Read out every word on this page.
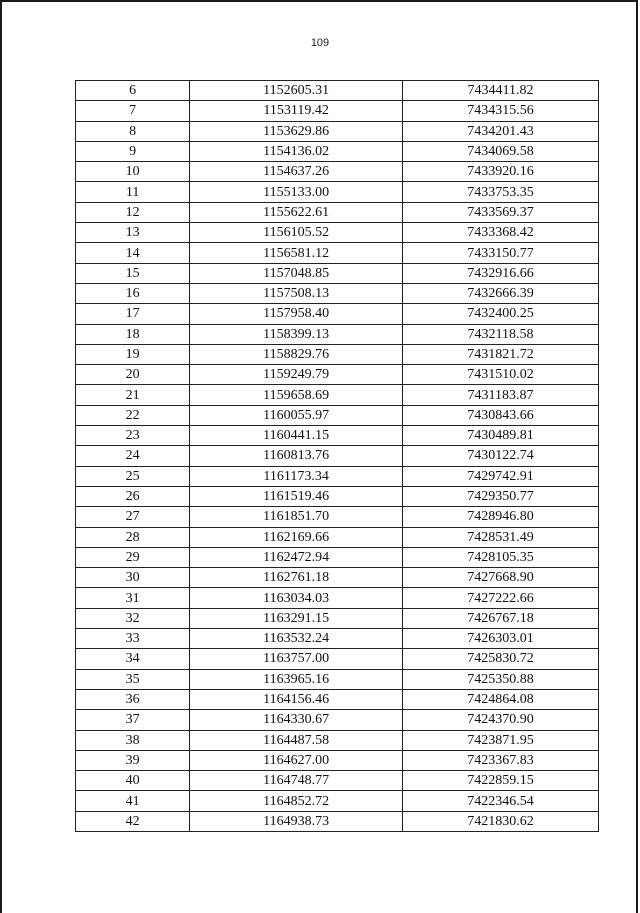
109
6	1152605.31	7434411.82
7	1153119.42	7434315.56
8	1153629.86	7434201.43
9	1154136.02	7434069.58
10	1154637.26	7433920.16
11	1155133.00	7433753.35
12	1155622.61	7433569.37
13	1156105.52	7433368.42
14	1156581.12	7433150.77
15	1157048.85	7432916.66
16	1157508.13	7432666.39
17	1157958.40	7432400.25
18	1158399.13	7432118.58
19	1158829.76	7431821.72
20	1159249.79	7431510.02
21	1159658.69	7431183.87
22	1160055.97	7430843.66
23	1160441.15	7430489.81
24	1160813.76	7430122.74
25	1161173.34	7429742.91
26	1161519.46	7429350.77
27	1161851.70	7428946.80
28	1162169.66	7428531.49
29	1162472.94	7428105.35
30	1162761.18	7427668.90
31	1163034.03	7427222.66
32	1163291.15	7426767.18
33	1163532.24	7426303.01
34	1163757.00	7425830.72
35	1163965.16	7425350.88
36	1164156.46	7424864.08
37	1164330.67	7424370.90
38	1164487.58	7423871.95
39	1164627.00	7423367.83
40	1164748.77	7422859.15
41	1164852.72	7422346.54
42	1164938.73	7421830.62
